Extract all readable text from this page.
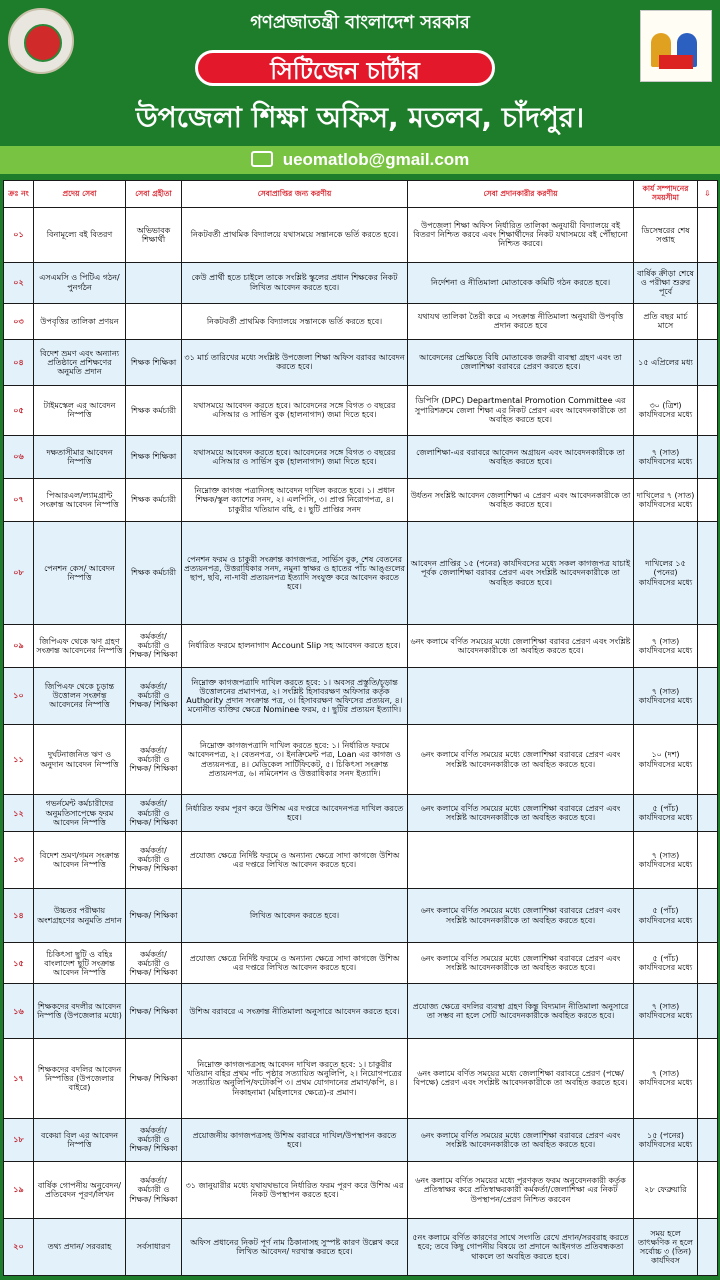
গণপ্রজাতন্ত্রী বাংলাদেশ সরকার
সিটিজেন চার্টার
উপজেলা শিক্ষা অফিস, মতলব, চাঁদপুর।
ueomatlob@gmail.com
ক্রঃ নং	প্রদেয় সেবা	সেবা গ্রহীতা	সেবাপ্রাপ্তির জন্য করণীয়	সেবা প্রদানকারীর করণীয়	কার্য সম্পাদনের সময়সীমা	⇩
০১	বিনামূল্যে বই বিতরণ	অভিভাবক শিক্ষার্থী	নিকটবর্তী প্রাথমিক বিদ্যালয়ে যথাসময়ে সন্তানকে ভর্তি করতে হবে।	উপজেলা শিক্ষা অফিস নির্ধারিত তালিকা অনুযায়ী বিদ্যালয়ে বই বিতরণ নিশ্চিত করবে এবং শিক্ষার্থীদের নিকট যথাসময়ে বই পৌঁছানো নিশ্চিত করবে।	ডিসেম্বরের শেষ সপ্তাহ	
০২	এসএমসি ও পিটিএ গঠন/পুনর্গঠন		কেউ প্রার্থী হতে চাইলে তাকে সংশ্লিষ্ট স্কুলের প্রধান শিক্ষকের নিকট লিখিত আবেদন করতে হবে।	নির্দেশনা ও নীতিমালা মোতাবেক কমিটি গঠন করতে হবে।	বার্ষিক ক্রীড়া শেষে ও পরীক্ষা শুরুর পূর্বে	
০৩	উপবৃত্তির তালিকা প্রণয়ন		নিকটবর্তী প্রাথমিক বিদ্যালয়ে সন্তানকে ভর্তি করতে হবে।	যথাযথ তালিকা তৈরী করে এ সংক্রান্ত নীতিমালা অনুযায়ী উপবৃত্তি প্রদান করতে হবে	প্রতি বছর মার্চ মাসে	
০৪	বিদেশ ভ্রমণ এবং অন্যান্য প্রতিষ্ঠানে প্রশিক্ষণের অনুমতি প্রদান	শিক্ষক শিক্ষিকা	৩১ মার্চ তারিখের মধ্যে সংশ্লিষ্ট উপজেলা শিক্ষা অফিস বরাবর আবেদন করতে হবে।	আবেদনের প্রেক্ষিতে বিধি মোতাবেক জরুরী ব্যবস্থা গ্রহণ এবং তা জেলাশিক্ষা বরাবরে প্রেরণ করতে হবে।	১৫ এপ্রিলের মধ্য	
০৫	টাইমস্কেল এর আবেদন নিস্পত্তি	শিক্ষক কর্মচারী	যথাসময়ে আবেদন করতে হবে। আবেদনের সঙ্গে বিগত ৩ বছরের এসিআর ও সার্ভিস বুক (হালনাগাদ) জমা দিতে হবে।	ডিপিসি (DPC) Departmental Promotion Committee এর সুপারিশক্রমে জেলা শিক্ষা এর নিকট প্রেরণ এবং আবেদনকারীকে তা অবহিত করতে হবে।	৩০ (ত্রিশ) কার্যদিবসের মধ্যে	
০৬	দক্ষতাসীমার আবেদন নিস্পত্তি	শিক্ষক শিক্ষিকা	যথাসময়ে আবেদন করতে হবে। আবেদনের সঙ্গে বিগত ৩ বছরের এসিআর ও সার্ভিস বুক (হালনাগাদ) জমা দিতে হবে।	জেলাশিক্ষা-এর বরাবরে আবেদন অগ্রায়ন এবং আবেদনকারীকে তা অবহিত করতে হবে।	৭ (সাত) কার্যদিবসের মধ্যে	
০৭	পিআরএল/ল্যামগ্রান্ট সংক্রান্ত আবেদন নিস্পত্তি	শিক্ষক কর্মচারী	নিম্নোক্ত কাগজ পত্রাদিসহ আবেদন দাখিল করতে হবে। ১। প্রধান শিক্ষক/স্কুল ক্যাশের সনদ, ২। এলপিসি, ৩। প্রাপ্ত নিরোগপত্র, ৪। চাকুরীর খতিয়ান বহি, ৫। ছুটি প্রাপ্তির সনদ	উর্ধতন সংশ্লিষ্ট আবেদন জেলাশিক্ষা এ প্রেরণ এবং আবেদনকারীকে তা অবহিত করতে হবে।	দাখিলের ৭ (সাত) কার্যদিবসের মধ্যে	
০৮	পেনশন কেস/ আবেদন নিস্পত্তি	শিক্ষক কর্মচারী	পেনশন ফরম ও চাকুরী সংক্রান্ত কাগজপত্র, সার্ভিস বুক, শেষ বেতনের প্রত্যয়নপত্র, উত্তরাধিকার সনদ, নমুনা স্বাক্ষর ও হাতের পাঁচ আঙ্গুলের ছাপ, ছবি, না-দাবী প্রত্যয়নপত্র ইত্যাদি সংযুক্ত করে আবেদন করতে হবে।	আবেদন প্রাপ্তির ১৫ (পনের) কার্যদিবসের মধ্যে সকল কাগজপত্র যাচাই পূর্বক জেলাশিক্ষা বরাবর প্রেরণ এবং সংশ্লিষ্ট আবেদনকারীকে তা অবহিত করতে হবে।	দাখিলের ১৫ (পনের) কার্যদিবসের মধ্যে	
০৯	জিপিএফ থেকে ঋণ গ্রহণ সংক্রান্ত আবেদনের নিস্পত্তি	কর্মকর্তা/ কর্মচারী ও শিক্ষক/ শিক্ষিকা	নির্ধারিত ফরমে হালনাগাদ Account Slip সহ আবেদন করতে হবে।	৬নং কলামে বর্ণিত সময়ের মধ্যে জেলাশিক্ষা বরাবর প্রেরণ এবং সংশ্লিষ্ট আবেদনকারীকে তা অবহিত করতে হবে।	৭ (সাত) কার্যদিবসের মধ্যে	
১০	জিপিএফ থেকে চূড়ান্ত উত্তোলন সংক্রান্ত আবেদনের নিস্পত্তি	কর্মকর্তা/ কর্মচারী ও শিক্ষক/ শিক্ষিকা	নিম্নোক্ত কাগজপত্রাদি দাখিল করতে হবে: ১। অবসর প্রস্তুতি/চূড়ান্ত উত্তোলনের প্রমাণপত্র, ২। সংশ্লিষ্ট হিসাবরক্ষণ অফিসার কর্তৃক Authority প্রদান সংক্রান্ত পত্র, ৩। হিসাবরক্ষণ অফিসের প্রত্যয়ন, ৪। মনোনীত ব্যক্তির ক্ষেত্রে Nominee ফরম, ৫। ছুটির প্রত্যয়ন ইত্যাদি।		৭ (সাত) কার্যদিবসের মধ্যে	
১১	দুর্ঘটনাজনিত ঋণ ও অনুদান আবেদন নিস্পত্তি	কর্মকর্তা/ কর্মচারী ও শিক্ষক/ শিক্ষিকা	নিম্নোক্ত কাগজপত্রাদি দাখিল করতে হবে: ১। নির্ধারিত ফরমে আবেদনপত্র, ২। বেতনপত্র, ৩। ইনক্রিমেন্ট পত্র, Loan এর কাগজ ও প্রত্যয়নপত্র, ৪। মেডিকেল সার্টিফিকেট, ৫। চিকিৎসা সংক্রান্ত প্রত্যয়নপত্র, ৬। নমিনেশন ও উত্তরাধিকার সনদ ইত্যাদি।	৬নং কলামে বর্ণিত সময়ের মধ্যে জেলাশিক্ষা বরাবরে প্রেরণ এবং সংশ্লিষ্ট আবেদনকারীকে তা অবহিত করতে হবে।	১০ (দশ) কার্যদিবসের মধ্যে	
১২	গভর্নমেন্ট কর্মচারীদের অনুমতিসাপেক্ষে ফরম আবেদন নিস্পত্তি	কর্মকর্তা/ কর্মচারী ও শিক্ষক/ শিক্ষিকা	নির্ধারিত ফরম পূরণ করে উশিঅ এর দপ্তরে আবেদনপত্র দাখিল করতে হবে।	৬নং কলামে বর্ণিত সময়ের মধ্যে জেলাশিক্ষা বরাবরে প্রেরণ এবং সংশ্লিষ্ট আবেদনকারীকে তা অবহিত করতে হবে।	৫ (পাঁচ) কার্যদিবসের মধ্যে	
১৩	বিদেশ ভ্রমণ/গমন সংক্রান্ত আবেদন নিস্পত্তি	কর্মকর্তা/ কর্মচারী ও শিক্ষক/ শিক্ষিকা	প্রযোজ্য ক্ষেত্রে নির্দিষ্ট ফরমে ও অন্যান্য ক্ষেত্রে সাদা কাগজে উশিঅ এর দপ্তরে লিখিত আবেদন করতে হবে।		৭ (সাত) কার্যদিবসের মধ্যে	
১৪	উচ্চতর পরীক্ষায় অংশগ্রহণের অনুমতি প্রদান	শিক্ষক/ শিক্ষিকা	লিখিত আবেদন করতে হবে।	৬নং কলামে বর্ণিত সময়ের মধ্যে জেলাশিক্ষা বরাবরে প্রেরণ এবং সংশ্লিষ্ট আবেদনকারীকে তা অবহিত করতে হবে।	৫ (পাঁচ) কার্যদিবসের মধ্যে	
১৫	চিকিৎসা ছুটি ও বহিঃ বাংলাদেশ ছুটি সংক্রান্ত আবেদন নিস্পত্তি	কর্মকর্তা/ কর্মচারী ও শিক্ষক/ শিক্ষিকা	প্রযোজ্য ক্ষেত্রে নির্দিষ্ট ফরমে ও অন্যান্য ক্ষেত্রে সাদা কাগজে উশিঅ এর দপ্তরে লিখিত আবেদন করতে হবে।	৬নং কলামে বর্ণিত সময়ের মধ্যে জেলাশিক্ষা বরাবরে প্রেরণ এবং সংশ্লিষ্ট আবেদনকারীকে তা অবহিত করতে হবে।	৫ (পাঁচ) কার্যদিবসের মধ্যে	
১৬	শিক্ষকদের বদলীর আবেদন নিস্পত্তি (উপজেলার মধ্যে)	শিক্ষক/ শিক্ষিকা	উশিঅ বরাবরে এ সংক্রান্ত নীতিমালা অনুসারে আবেদন করতে হবে।	প্রযোজ্য ক্ষেত্রে বদলির ব্যবস্থা গ্রহণ কিন্তু বিদ্যমান নীতিমালা অনুসারে তা সম্ভব না হলে সেটি আবেদনকারীকে অবহিত করতে হবে।	৭ (সাত) কার্যদিবসের মধ্যে	
১৭	শিক্ষকদের বদলির আবেদন নিস্পত্তির (উপজেলার বাইরে)	শিক্ষক/ শিক্ষিকা	নিম্নোক্ত কাগজপত্রসহ আবেদন দাখিল করতে হবে: ১। চাকুরীর খতিয়ান বহির প্রথম পাঁচ পৃষ্ঠার সত্যায়িত অনুলিপি, ২। নিয়োগপত্রের সত্যায়িত অনুলিপি/ফটোকপি ৩। প্রথম যোগদানের প্রমাণ/কপি, ৪। নিকাহনামা (মহিলাদের ক্ষেত্রে)-র প্রমাণ।	৬নং কলামে বর্ণিত সময়ের মধ্যে জেলাশিক্ষা বরাবরে প্রেরণ (পক্ষে/বিপক্ষে) প্রেরণ এবং সংশ্লিষ্ট আবেদনকারীকে তা অবহিত করতে হবে।	৭ (সাত) কার্যদিবসের মধ্যে	
১৮	বকেয়া বিল এর আবেদন নিস্পত্তি	কর্মকর্তা/ কর্মচারী ও শিক্ষক/ শিক্ষিকা	প্রয়োজনীয় কাগজপত্রসহ উশিঅ বরাবরে দাখিল/উপস্থাপন করতে হবে।	৬নং কলামে বর্ণিত সময়ের মধ্যে জেলাশিক্ষা বরাবরে প্রেরণ এবং সংশ্লিষ্ট আবেদনকারীকে তা অবহিত করতে হবে।	১৫ (পনের) কার্যদিবসের মধ্যে	
১৯	বার্ষিক গোপনীয় অনুবেদন/প্রতিবেদন পূরণ/লিখন	কর্মকর্তা/ কর্মচারী ও শিক্ষক/ শিক্ষিকা	৩১ জানুয়ারীর মধ্যে যথাযথভাবে নির্ধারিত ফরম পূরণ করে উশিঅ এর নিকট উপস্থাপন করতে হবে।	৬নং কলামে বর্ণিত সময়ের মধ্যে পূরণকৃত ফরম অনুবেদনকারী কর্তৃক প্রতিস্বাক্ষর করে প্রতিস্বাক্ষরকারী কর্মকর্তা/জেলাশিক্ষা এর নিকট উপস্থাপন/প্রেরণ নিশ্চিত করবেন	২৮ ফেব্রুয়ারি	
২০	তথ্য প্রদান/ সরবরাহ	সর্বসাধারণ	অফিস প্রধানের নিকট পূর্ণ নাম ঠিকানাসহ সুস্পষ্ট কারণ উল্লেখ করে লিখিত আবেদন/ দরখাস্ত করতে হবে।	৫নং কলামে বর্ণিত কারণের সাথে সংগতি রেখে প্রদান/সরবরাহ করতে হবে; তবে কিছু গোপনীয় বিষয়ে তা প্রদানে আইনগত প্রতিবন্ধকতা থাকলে তা অবহিত করতে হবে।	সময় হলে তাৎক্ষণিক ন হলে সর্বোচ্চ ৩ (তিন) কার্যদিবস	
